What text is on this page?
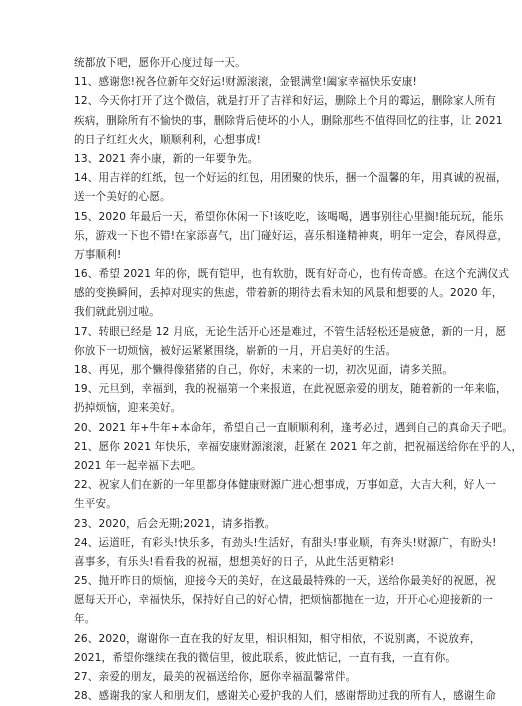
统都放下吧，愿你开心度过每一天。
11、感谢您!祝各位新年交好运!财源滚滚，金银满堂!阖家幸福快乐安康!
12、今天你打开了这个微信，就是打开了吉祥和好运，删除上个月的霉运，删除家人所有
疾病，删除所有不愉快的事，删除背后使坏的小人，删除那些不值得回忆的往事，让 2021
的日子红红火火，顺顺利利，心想事成!
13、2021 奔小康，新的一年要争先。
14、用吉祥的红纸，包一个好运的红包，用团聚的快乐，捆一个温馨的年，用真诚的祝福，
送一个美好的心愿。
15、2020 年最后一天，希望你休闲一下!该吃吃，该喝喝，遇事别往心里搁!能玩玩，能乐
乐，游戏一下也不错!在家添喜气，出门碰好运，喜乐相逢精神爽，明年一定会，春风得意，
万事顺利!
16、希望 2021 年的你，既有铠甲，也有软肋，既有好奇心，也有传奇感。在这个充满仪式
感的变换瞬间，丢掉对现实的焦虑，带着新的期待去看未知的风景和想要的人。2020 年，
我们就此别过啦。
17、转眼已经是 12 月底，无论生活开心还是难过，不管生活轻松还是疲惫，新的一月，愿
你放下一切烦恼，被好运紧紧围绕，崭新的一月，开启美好的生活。
18、再见，那个懒得像猪猪的自己，你好，未来的一切，初次见面，请多关照。
19、元旦到，幸福到，我的祝福第一个来报道，在此祝愿亲爱的朋友，随着新的一年来临，
扔掉烦恼，迎来美好。
20、2021 年+牛年+本命年，希望自己一直顺顺利利，逢考必过，遇到自己的真命天子吧。
21、愿你 2021 年快乐，幸福安康财源滚滚，赶紧在 2021 年之前，把祝福送给你在乎的人，
2021 年一起幸福下去吧。
22、祝家人们在新的一年里都身体健康财源广进心想事成，万事如意，大吉大利，好人一
生平安。
23、2020，后会无期;2021，请多指教。
24、运道旺，有彩头!快乐多，有劲头!生活好，有甜头!事业顺，有奔头!财源广，有盼头!
喜事多，有乐头!看看我的祝福，想想美好的日子，从此生活更精彩!
25、抛开昨日的烦恼，迎接今天的美好，在这最最特殊的一天，送给你最美好的祝愿，祝
愿每天开心，幸福快乐，保持好自己的好心情，把烦恼都抛在一边，开开心心迎接新的一
年。
26、2020，谢谢你一直在我的好友里，相识相知，相守相依，不说别离，不说放弃，
2021，希望你继续在我的微信里，彼此联系，彼此惦记，一直有我，一直有你。
27、亲爱的朋友，最美的祝福送给你，愿你幸福温馨常伴。
28、感谢我的家人和朋友们，感谢关心爱护我的人们，感谢帮助过我的所有人，感谢生命
